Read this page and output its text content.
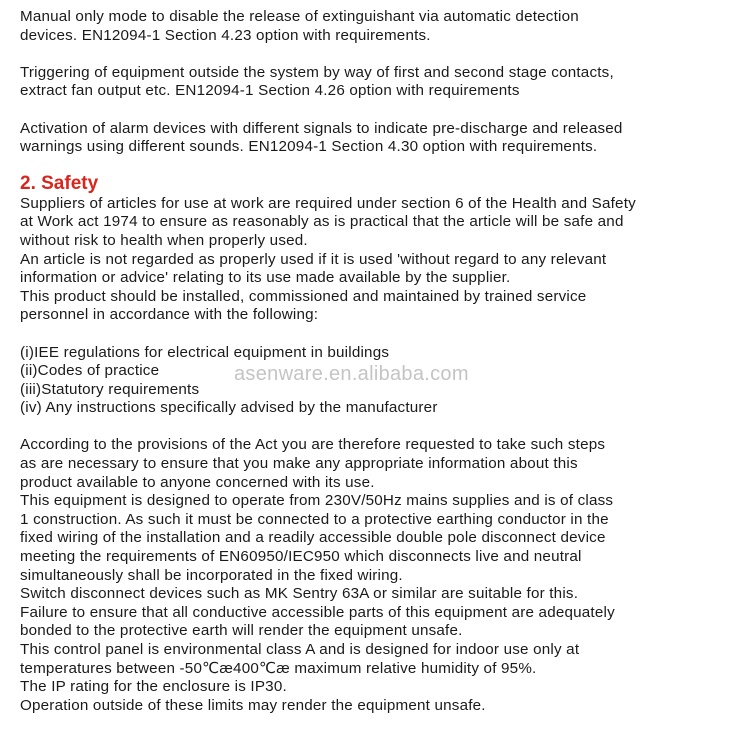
Manual only mode to disable the release of extinguishant via automatic detection
devices. EN12094-1 Section 4.23 option with requirements.

Triggering of equipment outside the system by way of first and second stage contacts,
extract fan output etc. EN12094-1 Section 4.26 option with requirements

Activation of alarm devices with different signals to indicate pre-discharge and released
warnings using different sounds. EN12094-1 Section 4.30 option with requirements.

2. Safety

Suppliers of articles for use at work are required under section 6 of the Health and Safety
at Work act 1974 to ensure as reasonably as is practical that the article will be safe and
without risk to health when properly used.
An article is not regarded as properly used if it is used 'without regard to any relevant
information or advice' relating to its use made available by the supplier.
This product should be installed, commissioned and maintained by trained service
personnel in accordance with the following:

(i)IEE regulations for electrical equipment in buildings
(ii)Codes of practice
(iii)Statutory requirements
(iv) Any instructions specifically advised by the manufacturer

According to the provisions of the Act you are therefore requested to take such steps
as are necessary to ensure that you make any appropriate information about this
product available to anyone concerned with its use.
This equipment is designed to operate from 230V/50Hz mains supplies and is of class
1 construction. As such it must be connected to a protective earthing conductor in the
fixed wiring of the installation and a readily accessible double pole disconnect device
meeting the requirements of EN60950/IEC950 which disconnects live and neutral
simultaneously shall be incorporated in the fixed wiring.
Switch disconnect devices such as MK Sentry 63A or similar are suitable for this.
Failure to ensure that all conductive accessible parts of this equipment are adequately
bonded to the protective earth will render the equipment unsafe.
This control panel is environmental class A and is designed for indoor use only at
temperatures between -50℃æ400℃æ maximum relative humidity of 95%.
The IP rating for the enclosure is IP30.
Operation outside of these limits may render the equipment unsafe.

asenware.en.alibaba.com
